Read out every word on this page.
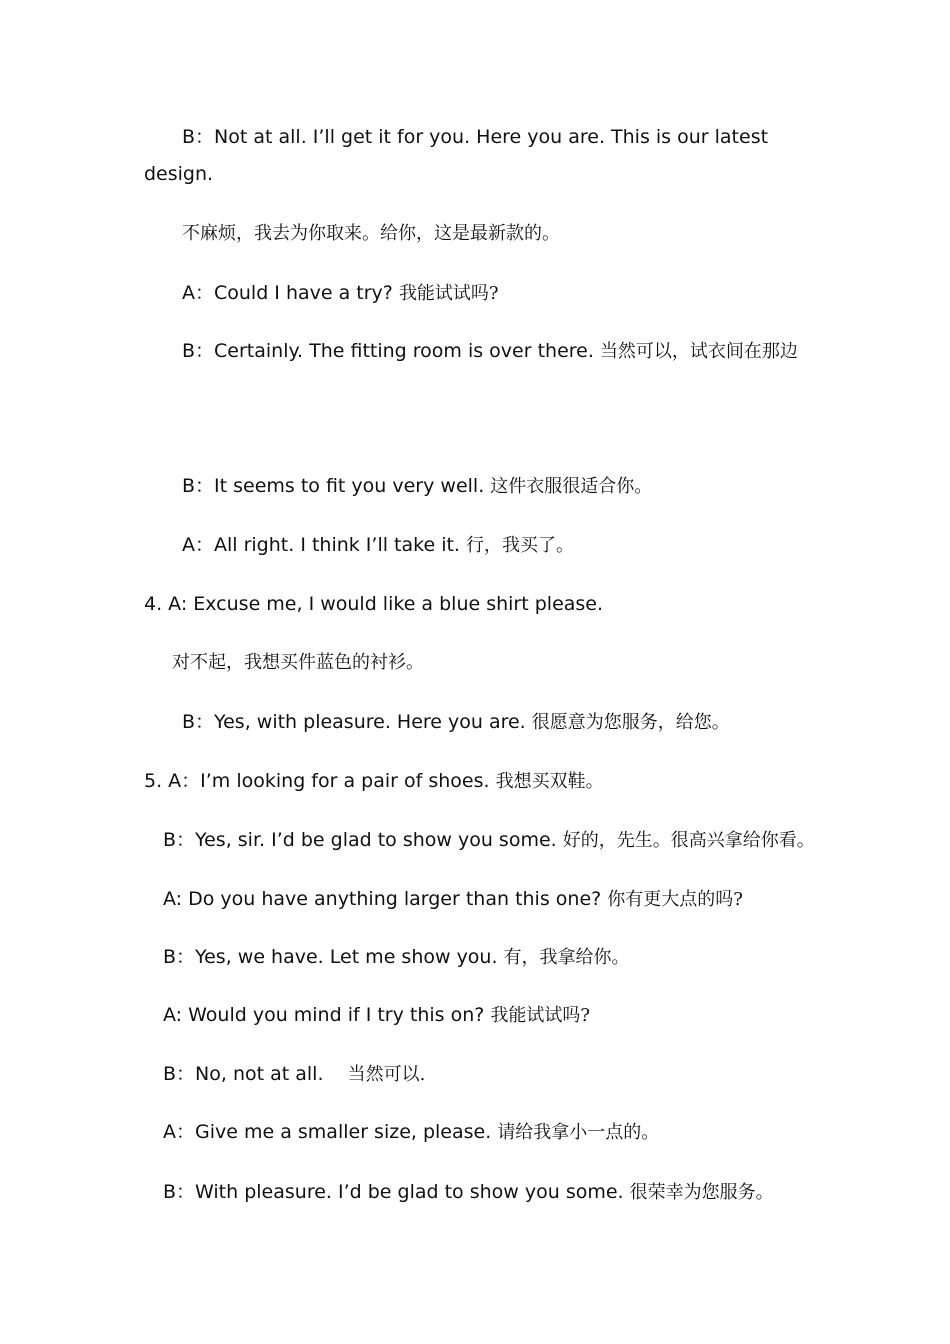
B：Not at all. I’ll get it for you. Here you are. This is our latest

design.

不麻烦，我去为你取来。给你，这是最新款的。

A：Could I have a try? 我能试试吗?

B：Certainly. The fitting room is over there. 当然可以，试衣间在那边

B：It seems to fit you very well. 这件衣服很适合你。

A：All right. I think I’ll take it. 行，我买了。

4. A: Excuse me, I would like a blue shirt please.

对不起，我想买件蓝色的衬衫。

B：Yes, with pleasure. Here you are. 很愿意为您服务，给您。

5. A：I’m looking for a pair of shoes. 我想买双鞋。

B：Yes, sir. I’d be glad to show you some. 好的，先生。很高兴拿给你看。

A: Do you have anything larger than this one? 你有更大点的吗?

B：Yes, we have. Let me show you. 有，我拿给你。

A: Would you mind if I try this on? 我能试试吗?

B：No, not at all.    当然可以.

A：Give me a smaller size, please. 请给我拿小一点的。

B：With pleasure. I’d be glad to show you some. 很荣幸为您服务。
